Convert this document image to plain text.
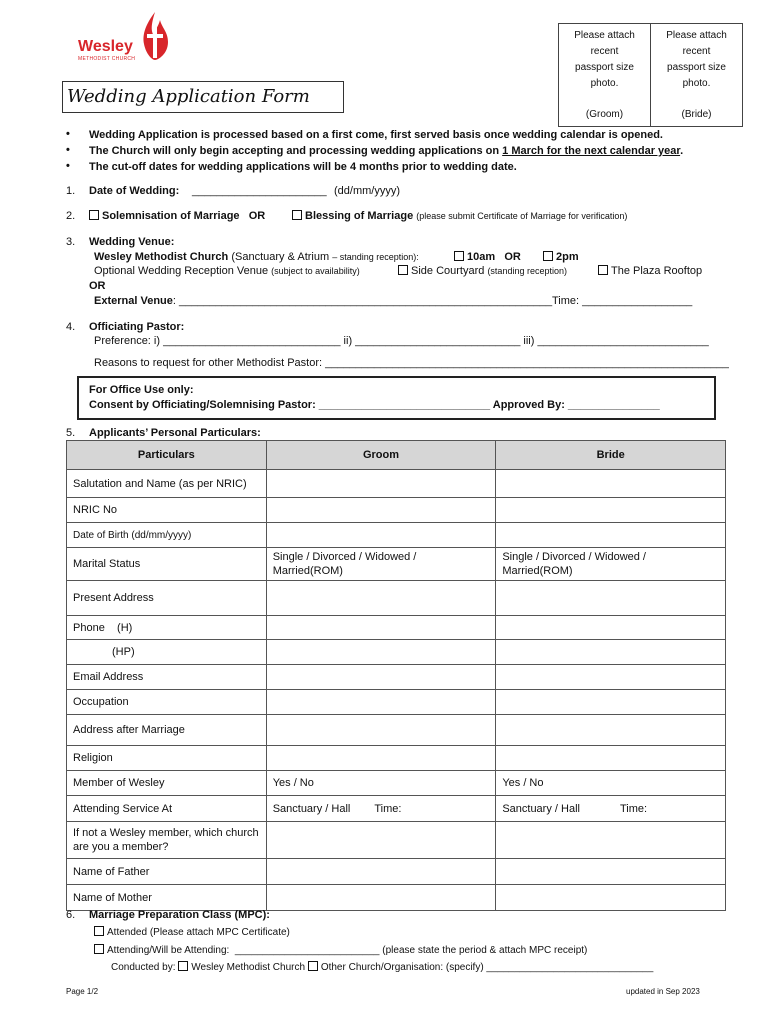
Wesley
METHODIST CHURCH
Please attach
recent
passport size
photo.
(Groom)
Please attach
recent
passport size
photo.
(Bride)
Wedding Application Form
• Wedding Application is processed based on a first come, first served basis once wedding calendar is opened.
• The Church will only begin accepting and processing wedding applications on 1 March for the next calendar year.
• The cut-off dates for wedding applications will be 4 months prior to wedding date.
1. Date of Wedding: ______________________ (dd/mm/yyyy)
2.	Solemnisation of Marriage OR	Blessing of Marriage (please submit Certificate of Marriage for verification)
3. Wedding Venue:
Wesley Methodist Church (Sanctuary & Atrium – standing reception):	10am OR	2pm
Optional Wedding Reception Venue (subject to availability)	Side Courtyard (standing reception)	The Plaza Rooftop
OR
External Venue: _____________________________________________________________ Time: __________________
4. Officiating Pastor:
Preference: i) _____________________________ ii) ___________________________ iii) ____________________________
Reasons to request for other Methodist Pastor: __________________________________________________________________
For Office Use only:
Consent by Officiating/Solemnising Pastor: ____________________________ Approved By: _______________
5. Applicants’ Personal Particulars:
Particulars	Groom	Bride
Salutation and Name (as per NRIC)		
NRIC No		
Date of Birth (dd/mm/yyyy)		
Marital Status	Single / Divorced / Widowed / Married(ROM)	Single / Divorced / Widowed / Married(ROM)
Present Address		
Phone    (H)		
(HP)		
Email Address		
Occupation		
Address after Marriage		
Religion		
Member of Wesley	Yes / No	Yes / No
Attending Service At	Sanctuary / Hall Time:	Sanctuary / Hall Time:
If not a Wesley member, which church are you a member?		
Name of Father		
Name of Mother		
6. Marriage Preparation Class (MPC):
Attended (Please attach MPC Certificate)
Attending/Will be Attending: __________________________ (please state the period & attach MPC receipt)
Conducted by: Wesley Methodist Church Other Church/Organisation: (specify) ______________________________
Page 1/2	updated in Sep 2023
